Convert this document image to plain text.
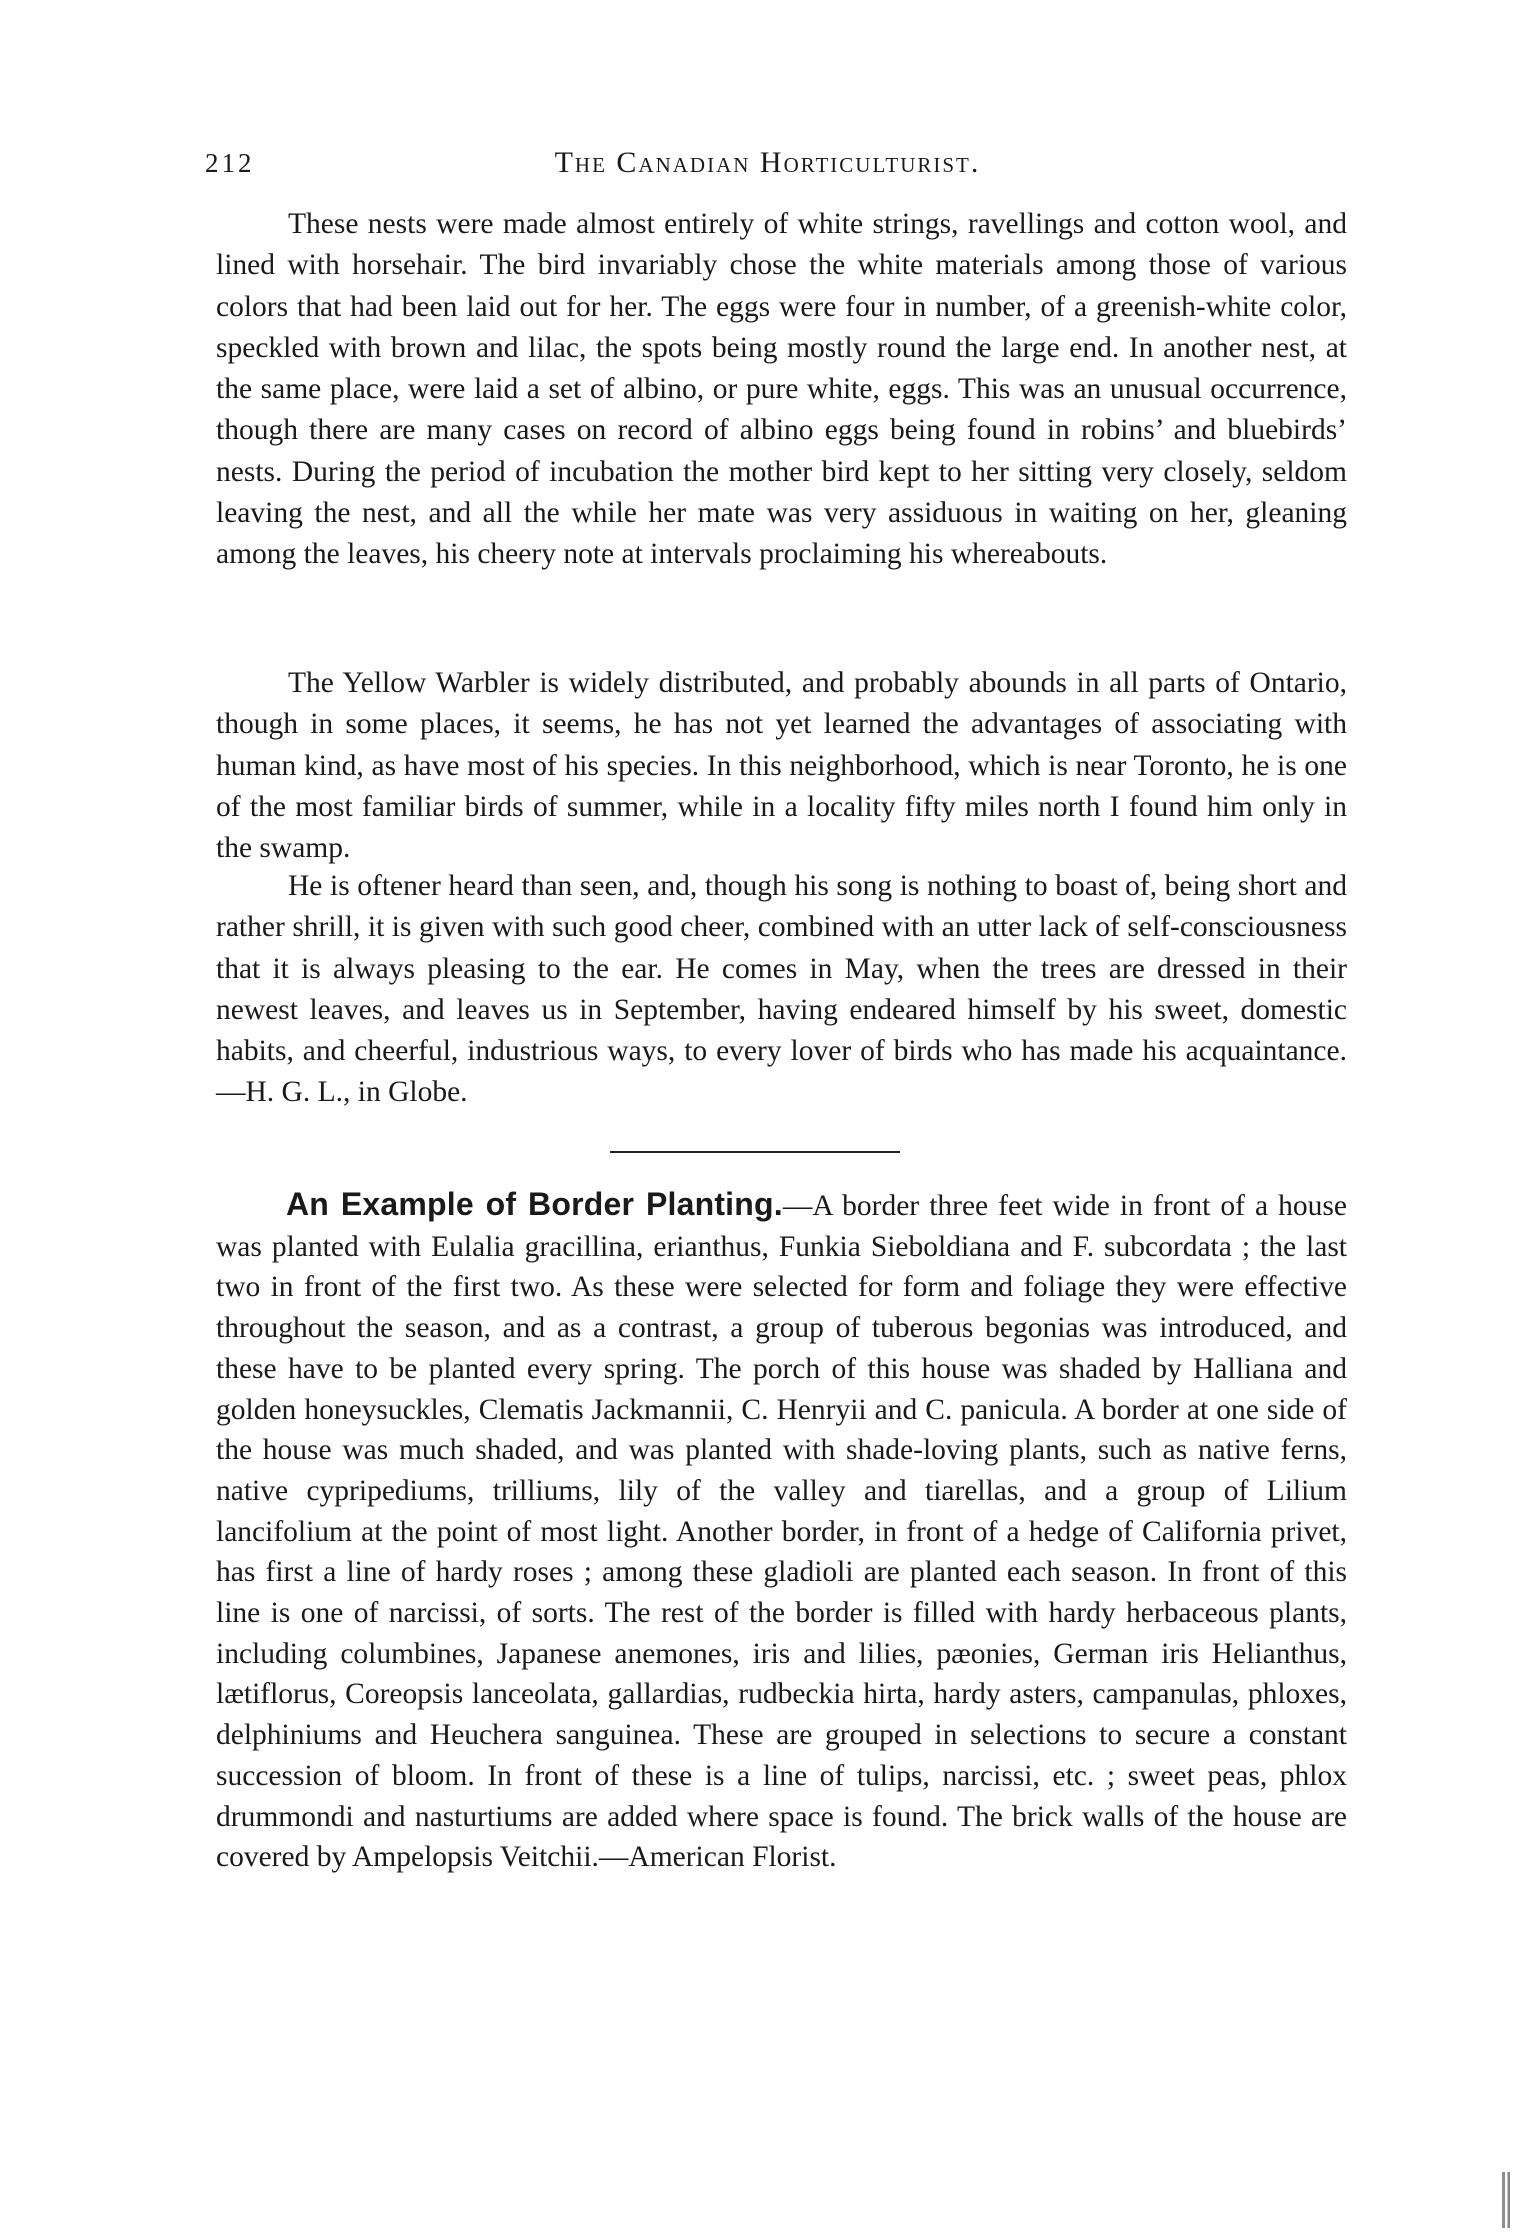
212	The Canadian Horticulturist.

These nests were made almost entirely of white strings, ravellings and cotton wool, and lined with horsehair. The bird invariably chose the white materials among those of various colors that had been laid out for her. The eggs were four in number, of a greenish-white color, speckled with brown and lilac, the spots being mostly round the large end. In another nest, at the same place, were laid a set of albino, or pure white, eggs. This was an unusual occurrence, though there are many cases on record of albino eggs being found in robins’ and bluebirds’ nests. During the period of incubation the mother bird kept to her sitting very closely, seldom leaving the nest, and all the while her mate was very assiduous in waiting on her, gleaning among the leaves, his cheery note at intervals proclaiming his whereabouts.

The Yellow Warbler is widely distributed, and probably abounds in all parts of Ontario, though in some places, it seems, he has not yet learned the advantages of associating with human kind, as have most of his species. In this neighborhood, which is near Toronto, he is one of the most familiar birds of summer, while in a locality fifty miles north I found him only in the swamp.

He is oftener heard than seen, and, though his song is nothing to boast of, being short and rather shrill, it is given with such good cheer, combined with an utter lack of self-consciousness that it is always pleasing to the ear. He comes in May, when the trees are dressed in their newest leaves, and leaves us in September, having endeared himself by his sweet, domestic habits, and cheerful, industrious ways, to every lover of birds who has made his acquaintance.—H. G. L., in Globe.

An Example of Border Planting.—A border three feet wide in front of a house was planted with Eulalia gracillina, erianthus, Funkia Sieboldiana and F. subcordata ; the last two in front of the first two. As these were selected for form and foliage they were effective throughout the season, and as a contrast, a group of tuberous begonias was introduced, and these have to be planted every spring. The porch of this house was shaded by Halliana and golden honeysuckles, Clematis Jackmannii, C. Henryii and C. panicula. A border at one side of the house was much shaded, and was planted with shade-loving plants, such as native ferns, native cypripediums, trilliums, lily of the valley and tiarellas, and a group of Lilium lancifolium at the point of most light. Another border, in front of a hedge of California privet, has first a line of hardy roses ; among these gladioli are planted each season. In front of this line is one of narcissi, of sorts. The rest of the border is filled with hardy herbaceous plants, including columbines, Japanese anemones, iris and lilies, pæonies, German iris Helianthus, lætiflorus, Coreopsis lanceolata, gallardias, rudbeckia hirta, hardy asters, campanulas, phloxes, delphiniums and Heuchera sanguinea. These are grouped in selections to secure a constant succession of bloom. In front of these is a line of tulips, narcissi, etc. ; sweet peas, phlox drummondi and nasturtiums are added where space is found. The brick walls of the house are covered by Ampelopsis Veitchii.—American Florist.
